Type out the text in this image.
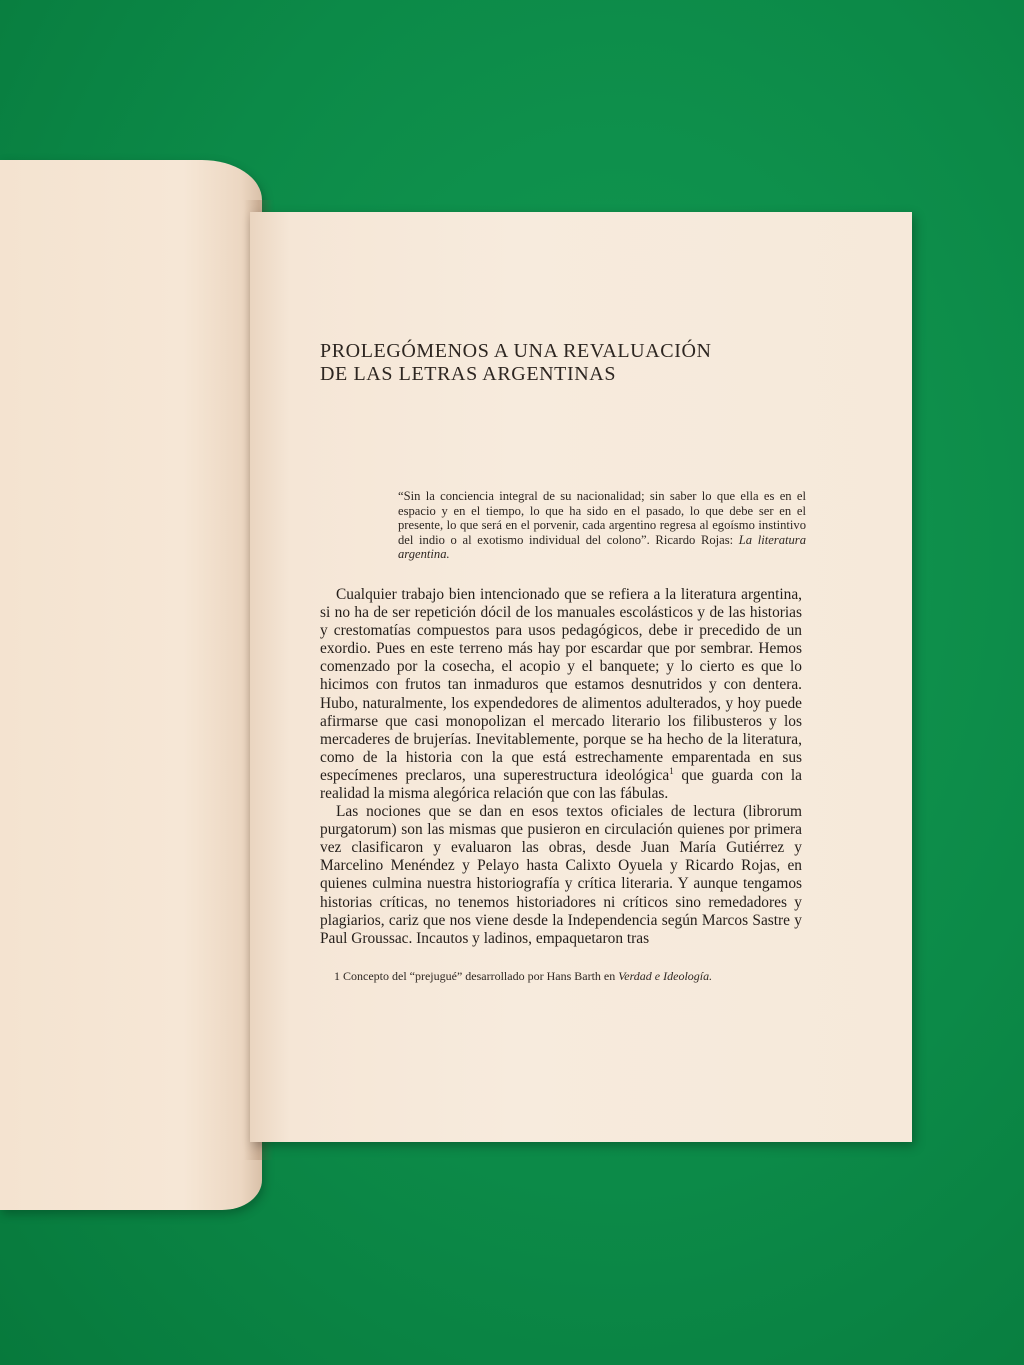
PROLEGÓMENOS A UNA REVALUACIÓN
DE LAS LETRAS ARGENTINAS
“Sin la conciencia integral de su nacionalidad; sin saber lo que ella es en el espacio y en el tiempo, lo que ha sido en el pasado, lo que debe ser en el presente, lo que será en el porvenir, cada argentino regresa al egoísmo instintivo del indio o al exotismo individual del colono”. Ricardo Rojas: La literatura argentina.

Cualquier trabajo bien intencionado que se refiera a la literatura argentina, si no ha de ser repetición dócil de los manuales escolásticos y de las historias y crestomatías compuestos para usos pedagógicos, debe ir precedido de un exordio. Pues en este terreno más hay por escardar que por sembrar. Hemos comenzado por la cosecha, el acopio y el banquete; y lo cierto es que lo hicimos con frutos tan inmaduros que estamos desnutridos y con dentera. Hubo, naturalmente, los expendedores de alimentos adulterados, y hoy puede afirmarse que casi monopolizan el mercado literario los filibusteros y los mercaderes de brujerías. Inevitablemente, porque se ha hecho de la literatura, como de la historia con la que está estrechamente emparentada en sus especímenes preclaros, una superestructura ideológica$^1$ que guarda con la realidad la misma alegórica relación que con las fábulas.

Las nociones que se dan en esos textos oficiales de lectura (librorum purgatorum) son las mismas que pusieron en circulación quienes por primera vez clasificaron y evaluaron las obras, desde Juan María Gutiérrez y Marcelino Menéndez y Pelayo hasta Calixto Oyuela y Ricardo Rojas, en quienes culmina nuestra historiografía y crítica literaria. Y aunque tengamos historias críticas, no tenemos historiadores ni críticos sino remedadores y plagiarios, cariz que nos viene desde la Independencia según Marcos Sastre y Paul Groussac. Incautos y ladinos, empaquetaron tras

1 Concepto del “prejugué” desarrollado por Hans Barth en Verdad e Ideología.
